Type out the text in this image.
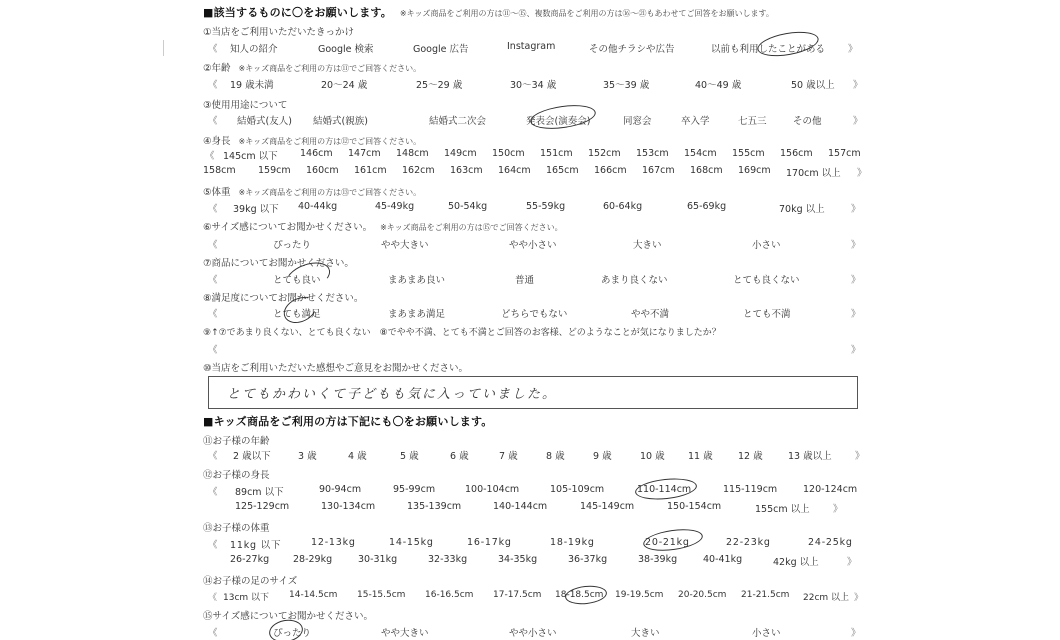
■該当するものに〇をお願いします。 ※キッズ商品をご利用の方は⑪～⑮、複数商品をご利用の方は⑯～㉑もあわせてご回答をお願いします。
①当店をご利用いただいたきっかけ
《 知人の紹介	Google 検索	Google 広告	Instagram	その他チラシや広告	以前も利用したことがある 》
②年齢 ※キッズ商品をご利用の方は⑪でご回答ください。
《 19 歳未満	20～24 歳	25～29 歳	30～34 歳	35～39 歳	40～49 歳	50 歳以上 》
③使用用途について
《 結婚式(友人) 結婚式(親族)	結婚式二次会	発表会(演奏会)	同窓会	卒入学	七五三	その他	》
④身長 ※キッズ商品をご利用の方は⑫でご回答ください。
《 145cm 以下 146cm 147cm 148cm 149cm 150cm 151cm 152cm 153cm 154cm 155cm 156cm 157cm
158cm 159cm 160cm 161cm 162cm 163cm 164cm 165cm 166cm 167cm 168cm 169cm 170cm 以上 》
⑤体重 ※キッズ商品をご利用の方は⑬でご回答ください。
《 39kg 以下 40-44kg	45-49kg	50-54kg	55-59kg	60-64kg	65-69kg	70kg 以上	》
⑥サイズ感についてお聞かせください。 ※キッズ商品をご利用の方は⑮でご回答ください。
《	ぴったり	やや大きい	やや小さい	大きい	小さい	》
⑦商品についてお聞かせください。
《	とても良い	まあまあ良い	普通	あまり良くない	とても良くない	》
⑧満足度についてお聞かせください。
《	とても満足	まあまあ満足	どちらでもない	やや不満	とても不満	》
⑨↑⑦であまり良くない、とても良くない　⑧でやや不満、とても不満とご回答のお客様、どのようなことが気になりましたか？
《	》
⑩当店をご利用いただいた感想やご意見をお聞かせください。
とてもかわいくて子どもも気に入っていました。
■キッズ商品をご利用の方は下記にも〇をお願いします。
⑪お子様の年齢
《 2 歳以下	3 歳	4 歳	5 歳	6 歳	7 歳	8 歳	9 歳	10 歳 11 歳	12 歳	13 歳以上 》
⑫お子様の身長
《 89cm 以下	90-94cm	95-99cm	100-104cm	105-109cm	110-114cm	115-119cm	120-124cm
125-129cm	130-134cm	135-139cm	140-144cm	145-149cm	150-154cm	155cm 以上 》
⑬お子様の体重
《 11kg 以下	12-13kg	14-15kg	16-17kg	18-19kg	20-21kg	22-23kg	24-25kg
26-27kg	28-29kg	30-31kg	32-33kg	34-35kg	36-37kg	38-39kg	40-41kg	42kg 以上	》
⑭お子様の足のサイズ
《 13cm 以下 14-14.5cm 15-15.5cm 16-16.5cm 17-17.5cm 18-18.5cm 19-19.5cm 20-20.5cm 21-21.5cm 22cm 以上 》
⑮サイズ感についてお聞かせください。
《	ぴったり	やや大きい	やや小さい	大きい	小さい	》
